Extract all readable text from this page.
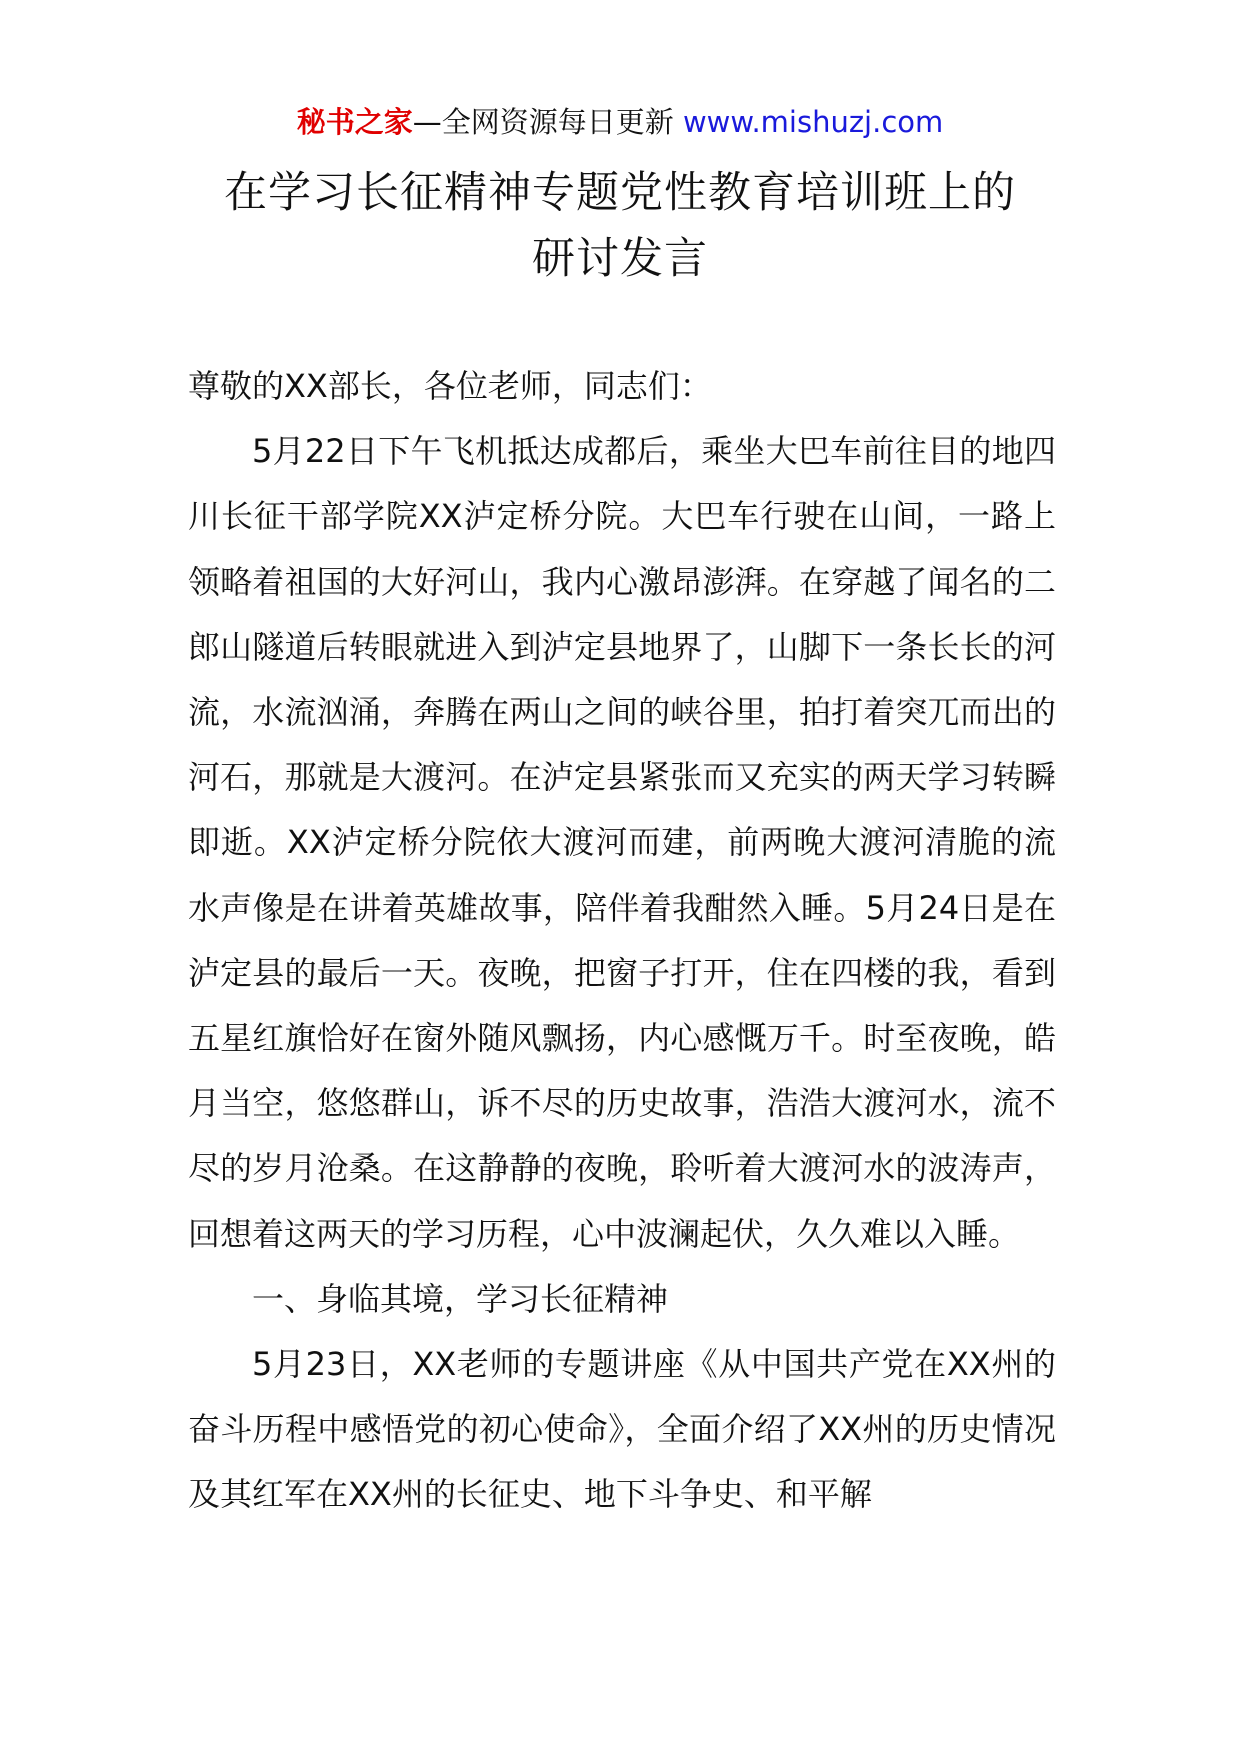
秘书之家—全网资源每日更新 www.mishuzj.com
在学习长征精神专题党性教育培训班上的
研讨发言

尊敬的XX部长，各位老师，同志们：

5月22日下午飞机抵达成都后，乘坐大巴车前往目的地四川长征干部学院XX泸定桥分院。大巴车行驶在山间，一路上领略着祖国的大好河山，我内心激昂澎湃。在穿越了闻名的二郎山隧道后转眼就进入到泸定县地界了，山脚下一条长长的河流，水流汹涌，奔腾在两山之间的峡谷里，拍打着突兀而出的河石，那就是大渡河。在泸定县紧张而又充实的两天学习转瞬即逝。XX泸定桥分院依大渡河而建，前两晚大渡河清脆的流水声像是在讲着英雄故事，陪伴着我酣然入睡。5月24日是在泸定县的最后一天。夜晚，把窗子打开，住在四楼的我，看到五星红旗恰好在窗外随风飘扬，内心感慨万千。时至夜晚，皓月当空，悠悠群山，诉不尽的历史故事，浩浩大渡河水，流不尽的岁月沧桑。在这静静的夜晚，聆听着大渡河水的波涛声，回想着这两天的学习历程，心中波澜起伏，久久难以入睡。

一、身临其境，学习长征精神

5月23日，XX老师的专题讲座《从中国共产党在XX州的奋斗历程中感悟党的初心使命》，全面介绍了XX州的历史情况及其红军在XX州的长征史、地下斗争史、和平解
